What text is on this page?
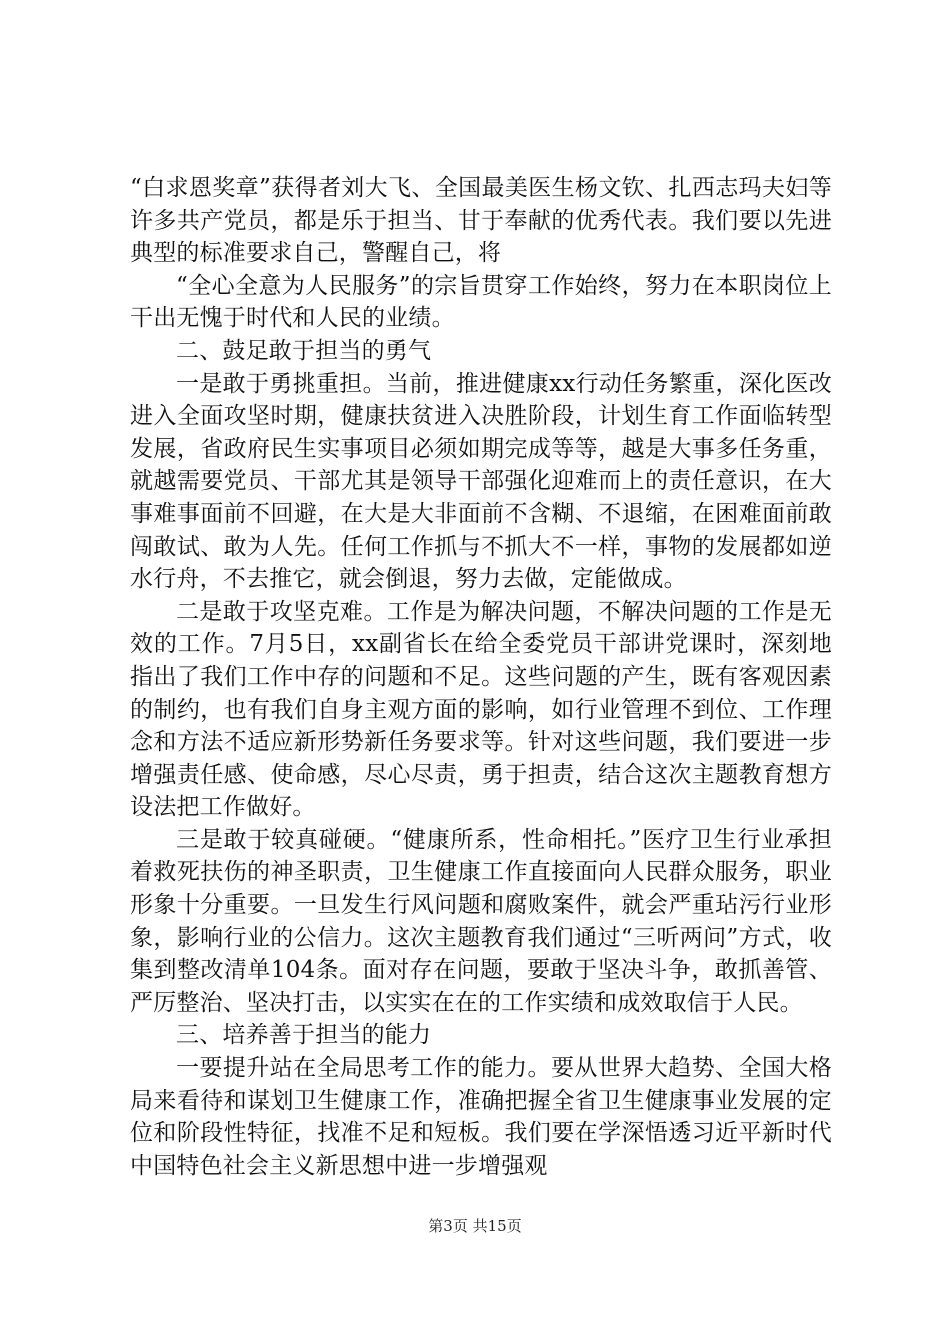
“白求恩奖章”获得者刘大飞、全国最美医生杨文钦、扎西志玛夫妇等许多共产党员，都是乐于担当、甘于奉献的优秀代表。我们要以先进典型的标准要求自己，警醒自己，将

“全心全意为人民服务”的宗旨贯穿工作始终，努力在本职岗位上干出无愧于时代和人民的业绩。

二、鼓足敢于担当的勇气

一是敢于勇挑重担。当前，推进健康xx行动任务繁重，深化医改进入全面攻坚时期，健康扶贫进入决胜阶段，计划生育工作面临转型发展，省政府民生实事项目必须如期完成等等，越是大事多任务重，就越需要党员、干部尤其是领导干部强化迎难而上的责任意识，在大事难事面前不回避，在大是大非面前不含糊、不退缩，在困难面前敢闯敢试、敢为人先。任何工作抓与不抓大不一样，事物的发展都如逆水行舟，不去推它，就会倒退，努力去做，定能做成。

二是敢于攻坚克难。工作是为解决问题，不解决问题的工作是无效的工作。7月5日，xx副省长在给全委党员干部讲党课时，深刻地指出了我们工作中存的问题和不足。这些问题的产生，既有客观因素的制约，也有我们自身主观方面的影响，如行业管理不到位、工作理念和方法不适应新形势新任务要求等。针对这些问题，我们要进一步增强责任感、使命感，尽心尽责，勇于担责，结合这次主题教育想方设法把工作做好。

三是敢于较真碰硬。“健康所系，性命相托。”医疗卫生行业承担着救死扶伤的神圣职责，卫生健康工作直接面向人民群众服务，职业形象十分重要。一旦发生行风问题和腐败案件，就会严重玷污行业形象，影响行业的公信力。这次主题教育我们通过“三听两问”方式，收集到整改清单104条。面对存在问题，要敢于坚决斗争，敢抓善管、严厉整治、坚决打击，以实实在在的工作实绩和成效取信于人民。

三、培养善于担当的能力

一要提升站在全局思考工作的能力。要从世界大趋势、全国大格局来看待和谋划卫生健康工作，准确把握全省卫生健康事业发展的定位和阶段性特征，找准不足和短板。我们要在学深悟透习近平新时代中国特色社会主义新思想中进一步增强观

第3页 共15页
